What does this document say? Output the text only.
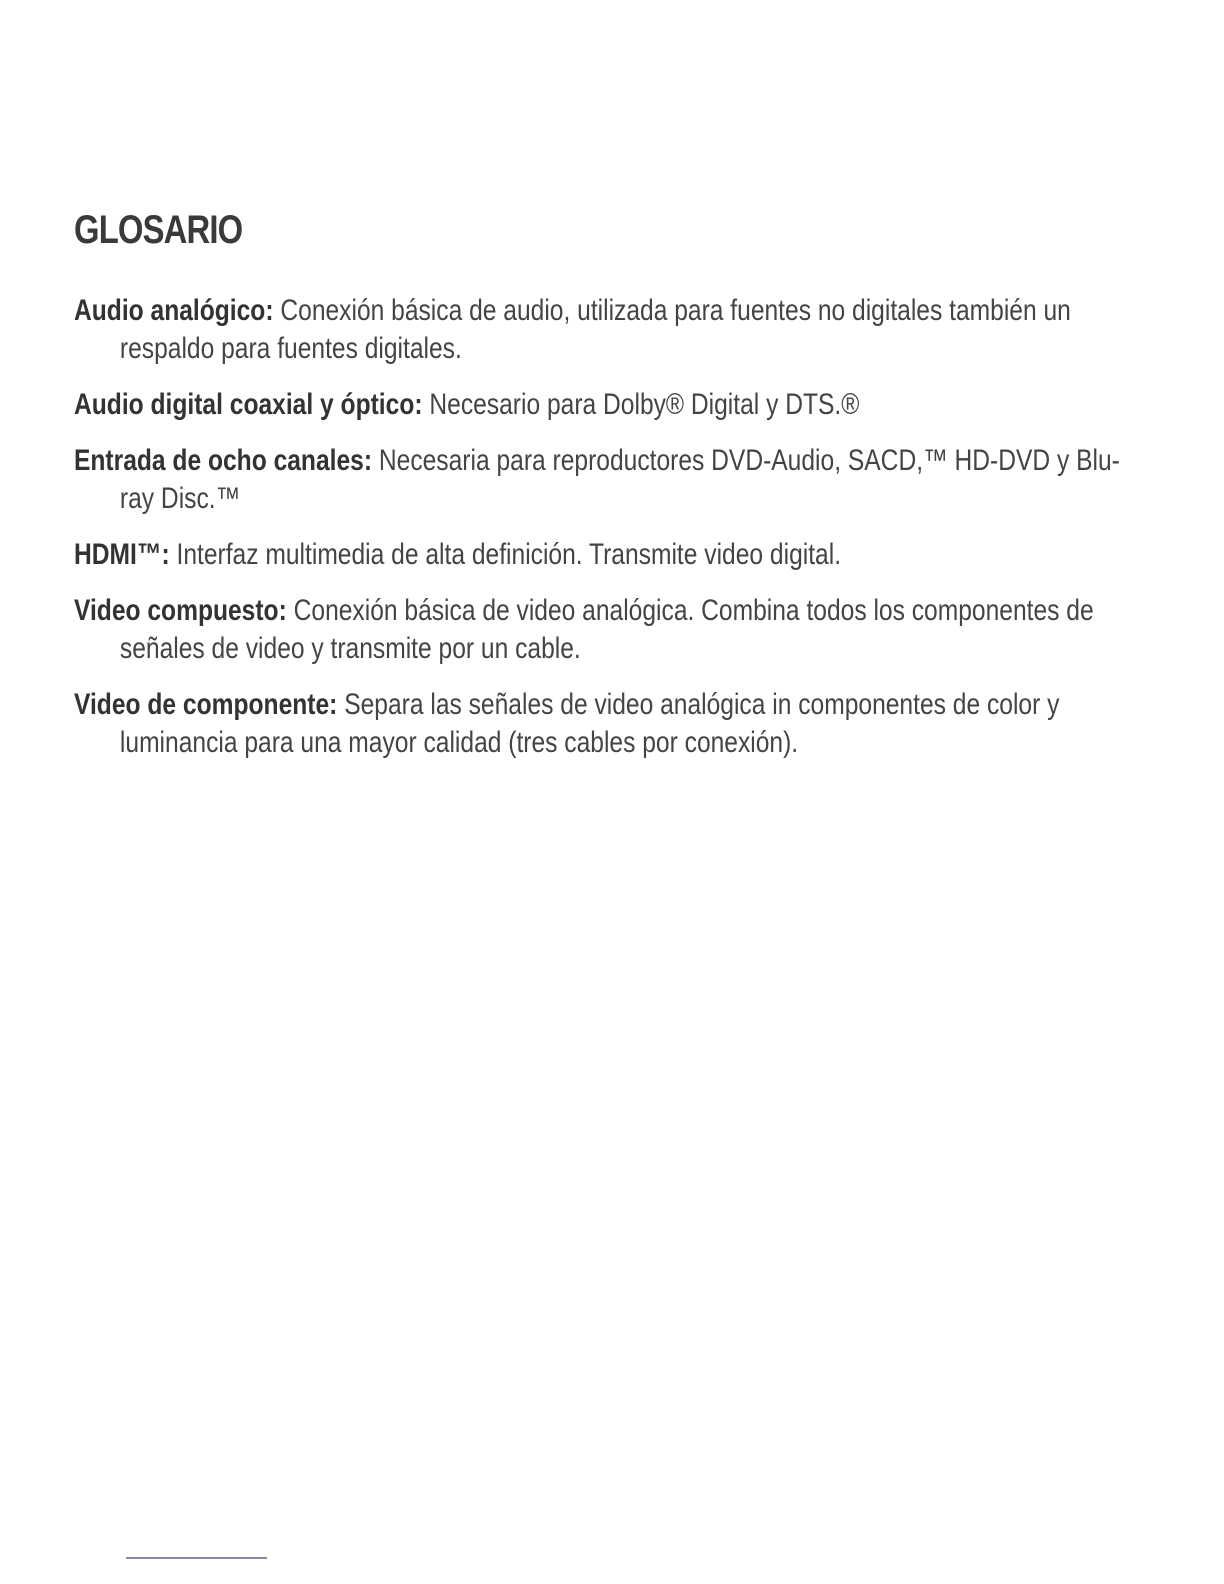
GLOSARIO
Audio analógico: Conexión básica de audio, utilizada para fuentes no digitales también un respaldo para fuentes digitales.
Audio digital coaxial y óptico: Necesario para Dolby® Digital y DTS.®
Entrada de ocho canales: Necesaria para reproductores DVD-Audio, SACD,™ HD-DVD y Blu-ray Disc.™
HDMI™: Interfaz multimedia de alta definición. Transmite video digital.
Video compuesto: Conexión básica de video analógica. Combina todos los componentes de señales de video y transmite por un cable.
Video de componente: Separa las señales de video analógica in componentes de color y luminancia para una mayor calidad (tres cables por conexión).
